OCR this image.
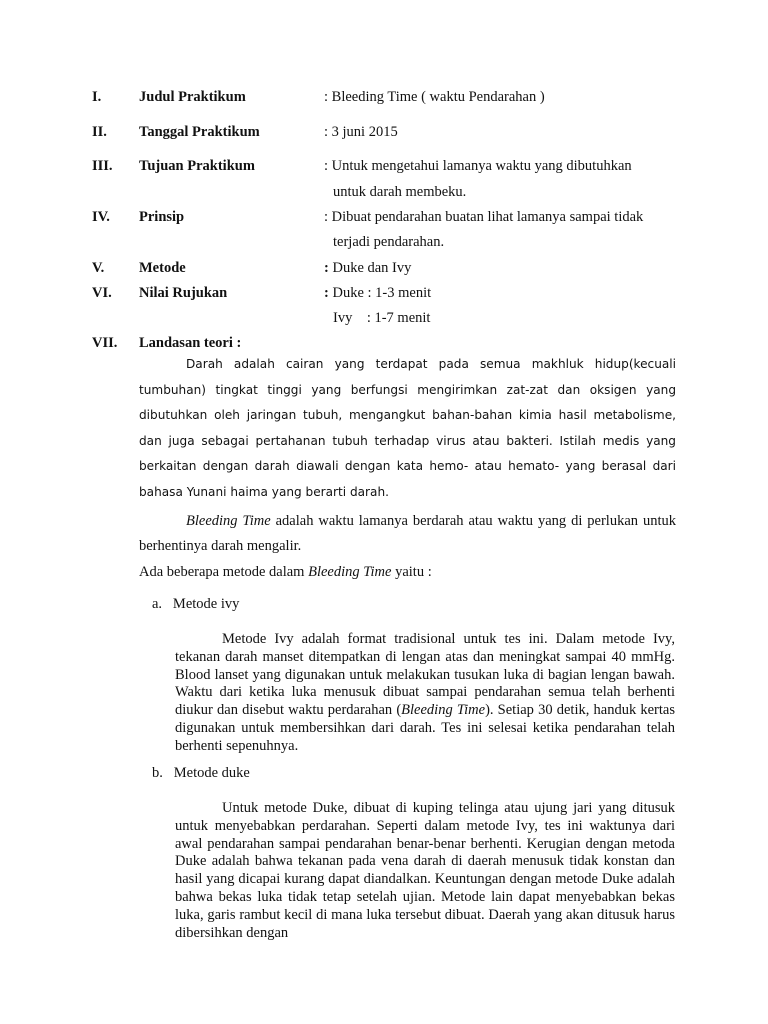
I.	Judul Praktikum	: Bleeding Time ( waktu Pendarahan )
II. Tanggal Praktikum	: 3 juni 2015
III. Tujuan Praktikum	: Untuk mengetahui lamanya waktu yang dibutuhkan
untuk darah membeku.
IV. Prinsip	: Dibuat pendarahan buatan lihat lamanya sampai tidak
terjadi pendarahan.
V. Metode	: Duke dan Ivy
VI. Nilai Rujukan	: Duke : 1-3 menit
Ivy    : 1-7 menit
VII. Landasan teori :

Darah adalah cairan yang terdapat pada semua makhluk hidup(kecuali tumbuhan) tingkat tinggi yang berfungsi mengirimkan zat-zat dan oksigen yang dibutuhkan oleh jaringan tubuh, mengangkut bahan-bahan kimia hasil metabolisme, dan juga sebagai pertahanan tubuh terhadap virus atau bakteri. Istilah medis yang berkaitan dengan darah diawali dengan kata hemo- atau hemato- yang berasal dari bahasa Yunani haima yang berarti darah.

Bleeding Time adalah waktu lamanya berdarah atau waktu yang di perlukan untuk berhentinya darah mengalir.

Ada beberapa metode dalam Bleeding Time yaitu :
a.   Metode ivy

Metode Ivy adalah format tradisional untuk tes ini. Dalam metode Ivy, tekanan darah manset ditempatkan di lengan atas dan meningkat sampai 40 mmHg. Blood lanset yang digunakan untuk melakukan tusukan luka di bagian lengan bawah. Waktu dari ketika luka menusuk dibuat sampai pendarahan semua telah berhenti diukur dan disebut waktu perdarahan (Bleeding Time). Setiap 30 detik, handuk kertas digunakan untuk membersihkan dari darah. Tes ini selesai ketika pendarahan telah berhenti sepenuhnya.

b.   Metode duke

Untuk metode Duke, dibuat di kuping telinga atau ujung jari yang ditusuk untuk menyebabkan perdarahan. Seperti dalam metode Ivy, tes ini waktunya dari awal pendarahan sampai pendarahan benar-benar berhenti. Kerugian dengan metoda Duke adalah bahwa tekanan pada vena darah di daerah menusuk tidak konstan dan hasil yang dicapai kurang dapat diandalkan. Keuntungan dengan metode Duke adalah bahwa bekas luka tidak tetap setelah ujian. Metode lain dapat menyebabkan bekas luka, garis rambut kecil di mana luka tersebut dibuat. Daerah yang akan ditusuk harus dibersihkan dengan
